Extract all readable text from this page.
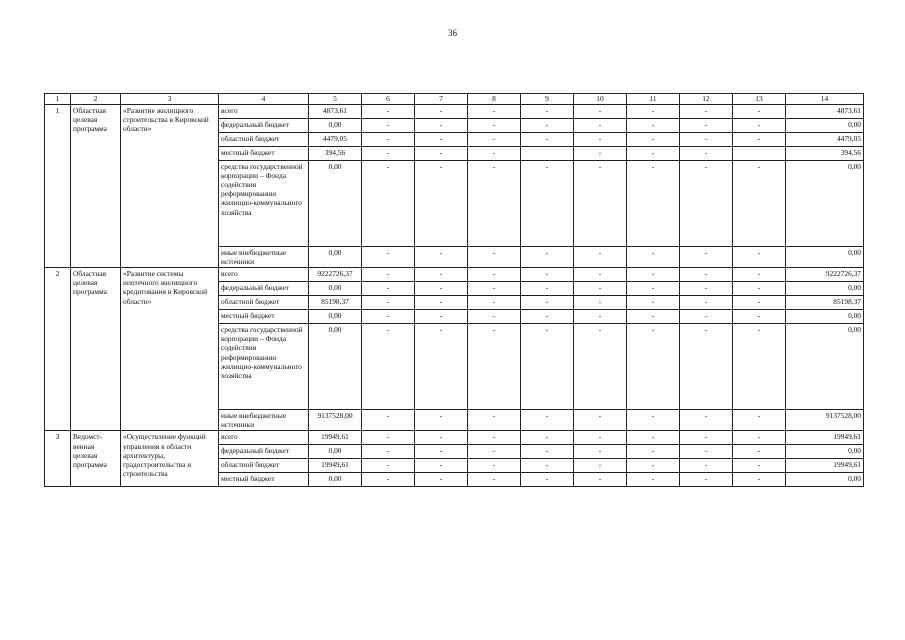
36
1	2	3	4	5	6	7	8	9	10	11	12	13	14
1	Областная целевая программа	«Развитие жилищного строительства в Кировской области»	всего	4873,61	-	-	-	-	-	-	-	-	4873,61
			федеральный бюджет	0,00	-	-	-	-	-	-	-	-	0,00
			областной бюджет	4479,05	-	-	-	-	-	-	-	-	4479,05
			местный бюджет	394,56	-	-	-		-	-	-		394,56
			средства государственной корпорации – Фонда содействия реформированию жилищно-коммунального хозяйства	0,00	-	-	-	-	-	-	-	-	0,00
			иные внебюджетные источники	0,00	-	-	-	-	-	-	-	-	0,00
2	Областная целевая программа	«Развитие системы ипотечного жилищного кредитования в Кировской области»	всего	9222726,37	-	-	-	-	-	-	-	-	9222726,37
			федеральный бюджет	0,00	-	-	-	-	-	-	-	-	0,00
			областной бюджет	85198,37	-	-	-	-	-	-	-	-	85198,37
			местный бюджет	0,00	-	-	-	-	-	-	-	-	0,00
			средства государственной корпорации – Фонда содействия реформированию жилищно-коммунального хозяйства	0,00	-	-	-	-	-	-	-	-	0,00
			иные внебюджетные источники	9137528,00	-	-	-	-	-	-	-	-	9137528,00
3	Ведомст-венная целевая программа	«Осуществление функций управления в области архитектуры, градостроительства и строительства	всего	19949,61	-	-	-	-	-	-	-	-	19949,61
			федеральный бюджет	0,00	-	-	-	-	-	-	-	-	0,00
			областной бюджет	19949,61	-	-	-	-	-	-	-	-	19949,61
			местный бюджет	0,00	-	-	-	-	-	-	-	-	0,00
